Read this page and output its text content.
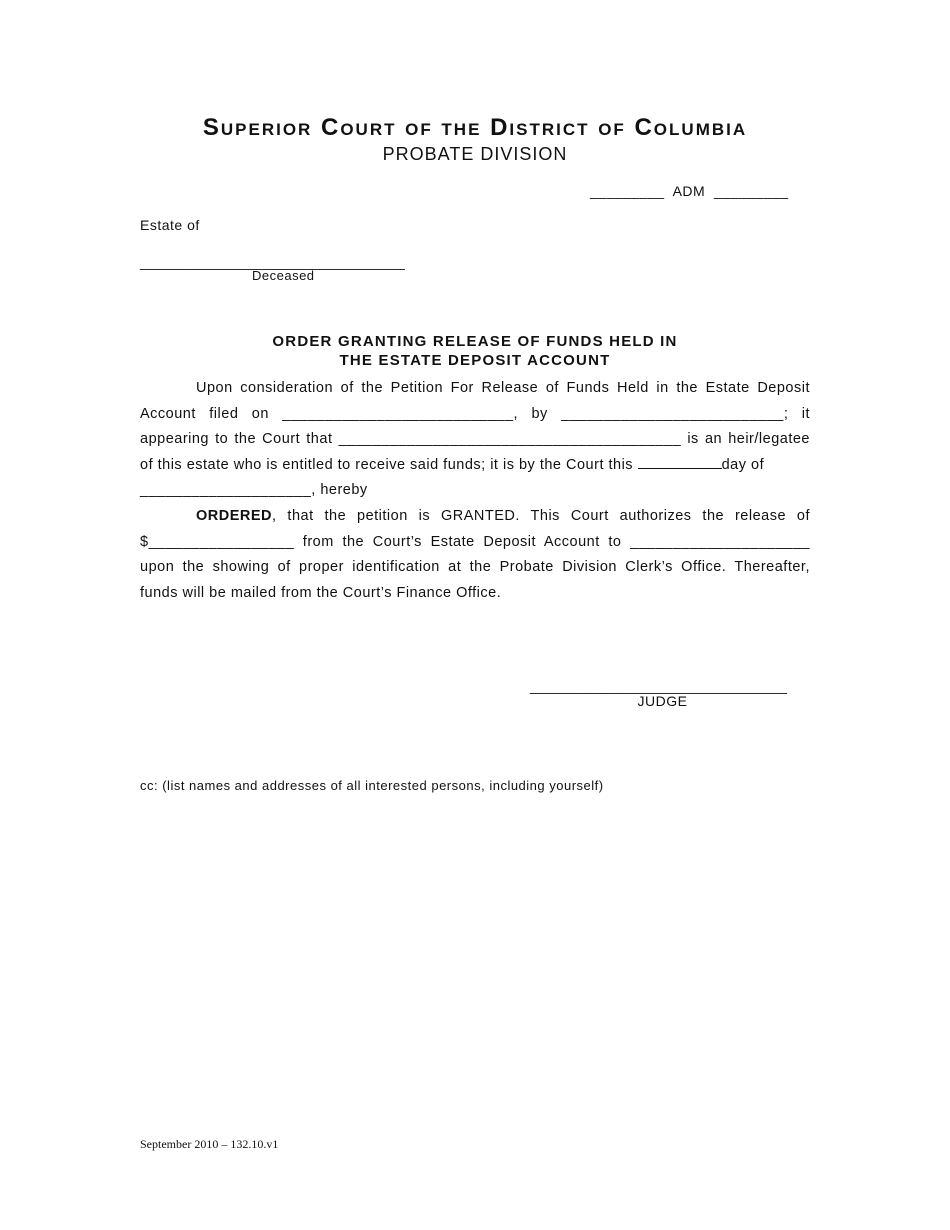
Superior Court of the District of Columbia
PROBATE DIVISION
_________  ADM  _________
Estate of
__________________________________
Deceased
ORDER GRANTING RELEASE OF FUNDS HELD IN
THE ESTATE DEPOSIT ACCOUNT
Upon consideration of the Petition For Release of Funds Held in the Estate Deposit
Account filed on ___________________________, by __________________________; it
appearing to the Court that ________________________________________ is an heir/legatee
of this estate who is entitled to receive said funds; it is by the Court this	day of
____________________, hereby
ORDERED, that the petition is GRANTED. This Court authorizes the release of
$_________________ from the Court’s Estate Deposit Account to _____________________
upon the showing of proper identification at the Probate Division Clerk’s Office. Thereafter,
funds will be mailed from the Court’s Finance Office.
_________________________________
JUDGE
cc: (list names and addresses of all interested persons, including yourself)
September 2010 – 132.10.v1
